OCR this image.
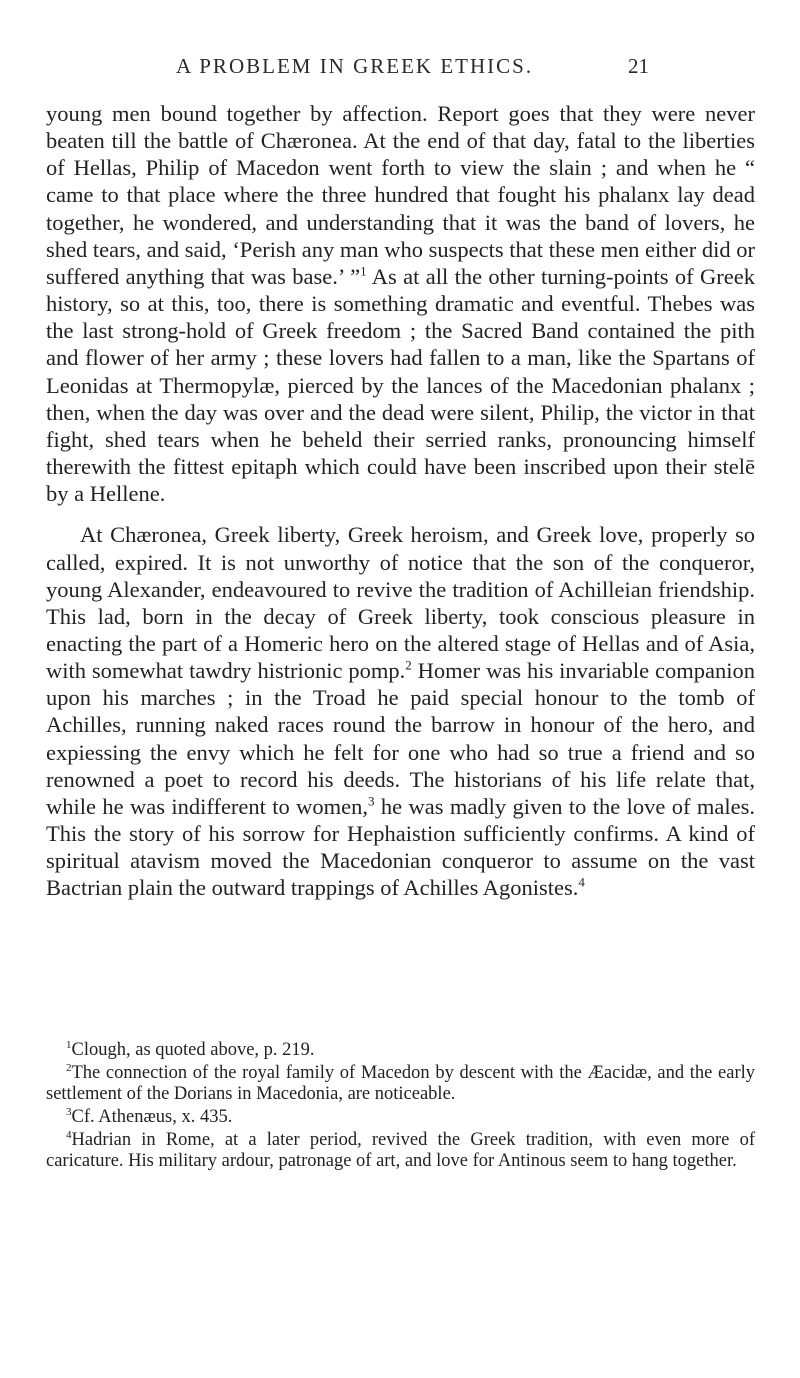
A PROBLEM IN GREEK ETHICS.	21

young men bound together by affection. Report goes that they were never beaten till the battle of Chæronea. At the end of that day, fatal to the liberties of Hellas, Philip of Macedon went forth to view the slain ; and when he “ came to that place where the three hundred that fought his phalanx lay dead together, he wondered, and understanding that it was the band of lovers, he shed tears, and said, ‘Perish any man who suspects that these men either did or suffered anything that was base.’ ”$^1$ As at all the other turning-points of Greek history, so at this, too, there is something dramatic and eventful. Thebes was the last strong-hold of Greek freedom ; the Sacred Band contained the pith and flower of her army ; these lovers had fallen to a man, like the Spartans of Leonidas at Thermopylæ, pierced by the lances of the Macedonian phalanx ; then, when the day was over and the dead were silent, Philip, the victor in that fight, shed tears when he beheld their serried ranks, pronouncing himself therewith the fittest epitaph which could have been inscribed upon their stelē by a Hellene.

At Chæronea, Greek liberty, Greek heroism, and Greek love, properly so called, expired. It is not unworthy of notice that the son of the conqueror, young Alexander, endeavoured to revive the tradition of Achilleian friendship. This lad, born in the decay of Greek liberty, took conscious pleasure in enacting the part of a Homeric hero on the altered stage of Hellas and of Asia, with somewhat tawdry histrionic pomp.$^2$ Homer was his invariable companion upon his marches ; in the Troad he paid special honour to the tomb of Achilles, running naked races round the barrow in honour of the hero, and expiessing the envy which he felt for one who had so true a friend and so renowned a poet to record his deeds. The historians of his life relate that, while he was indifferent to women,$^3$ he was madly given to the love of males. This the story of his sorrow for Hephaistion sufficiently confirms. A kind of spiritual atavism moved the Macedonian conqueror to assume on the vast Bactrian plain the outward trappings of Achilles Agonistes.$^4$

$^1$Clough, as quoted above, p. 219.

$^2$The connection of the royal family of Macedon by descent with the Æacidæ, and the early settlement of the Dorians in Macedonia, are noticeable.

$^3$Cf. Athenæus, x. 435.

$^4$Hadrian in Rome, at a later period, revived the Greek tradition, with even more of caricature. His military ardour, patronage of art, and love for Antinous seem to hang together.
